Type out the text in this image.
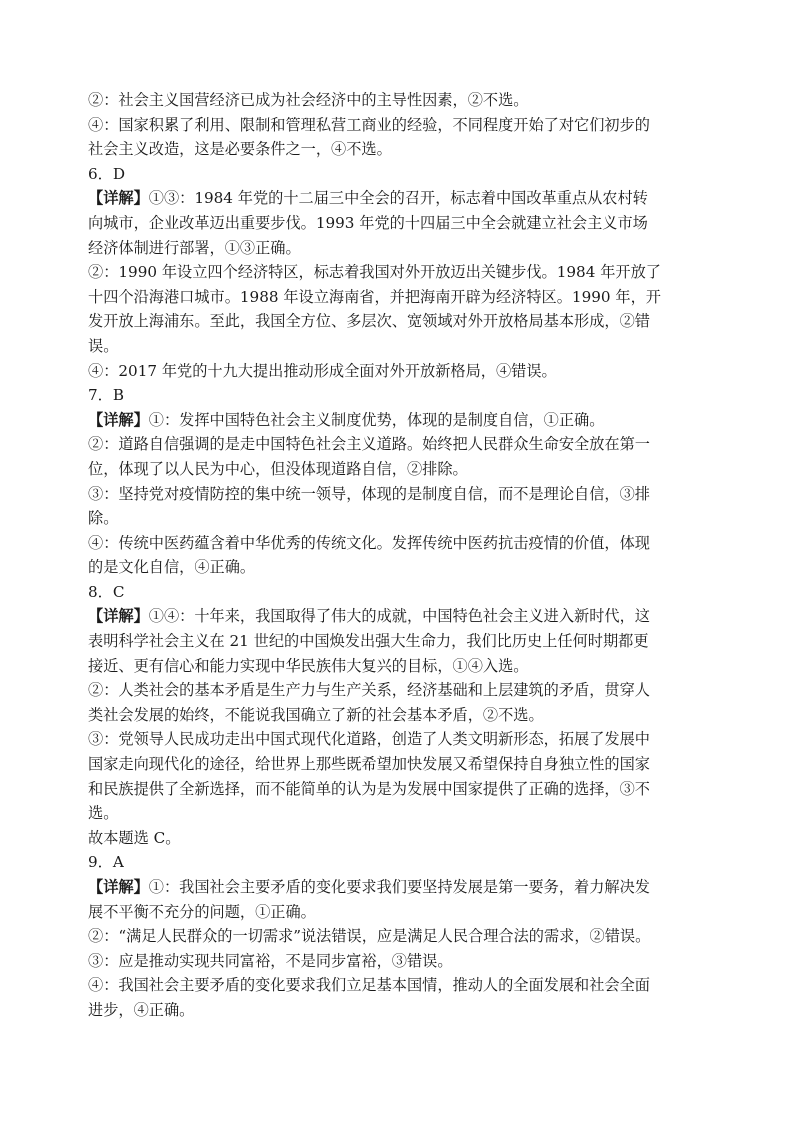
②：社会主义国营经济已成为社会经济中的主导性因素，②不选。
④：国家积累了利用、限制和管理私营工商业的经验，不同程度开始了对它们初步的
社会主义改造，这是必要条件之一，④不选。
6．D
【详解】①③：1984 年党的十二届三中全会的召开，标志着中国改革重点从农村转
向城市，企业改革迈出重要步伐。1993 年党的十四届三中全会就建立社会主义市场
经济体制进行部署，①③正确。
②：1990 年设立四个经济特区，标志着我国对外开放迈出关键步伐。1984 年开放了
十四个沿海港口城市。1988 年设立海南省，并把海南开辟为经济特区。1990 年，开
发开放上海浦东。至此，我国全方位、多层次、宽领域对外开放格局基本形成，②错
误。
④：2017 年党的十九大提出推动形成全面对外开放新格局，④错误。
7．B
【详解】①：发挥中国特色社会主义制度优势，体现的是制度自信，①正确。
②：道路自信强调的是走中国特色社会主义道路。始终把人民群众生命安全放在第一
位，体现了以人民为中心，但没体现道路自信，②排除。
③：坚持党对疫情防控的集中统一领导，体现的是制度自信，而不是理论自信，③排
除。
④：传统中医药蕴含着中华优秀的传统文化。发挥传统中医药抗击疫情的价值，体现
的是文化自信，④正确。
8．C
【详解】①④：十年来，我国取得了伟大的成就，中国特色社会主义进入新时代，这
表明科学社会主义在 21 世纪的中国焕发出强大生命力，我们比历史上任何时期都更
接近、更有信心和能力实现中华民族伟大复兴的目标，①④入选。
②：人类社会的基本矛盾是生产力与生产关系，经济基础和上层建筑的矛盾，贯穿人
类社会发展的始终，不能说我国确立了新的社会基本矛盾，②不选。
③：党领导人民成功走出中国式现代化道路，创造了人类文明新形态，拓展了发展中
国家走向现代化的途径，给世界上那些既希望加快发展又希望保持自身独立性的国家
和民族提供了全新选择，而不能简单的认为是为发展中国家提供了正确的选择，③不
选。
故本题选 C。
9．A
【详解】①：我国社会主要矛盾的变化要求我们要坚持发展是第一要务，着力解决发
展不平衡不充分的问题，①正确。
②：“满足人民群众的一切需求”说法错误，应是满足人民合理合法的需求，②错误。
③：应是推动实现共同富裕，不是同步富裕，③错误。
④：我国社会主要矛盾的变化要求我们立足基本国情，推动人的全面发展和社会全面
进步，④正确。
